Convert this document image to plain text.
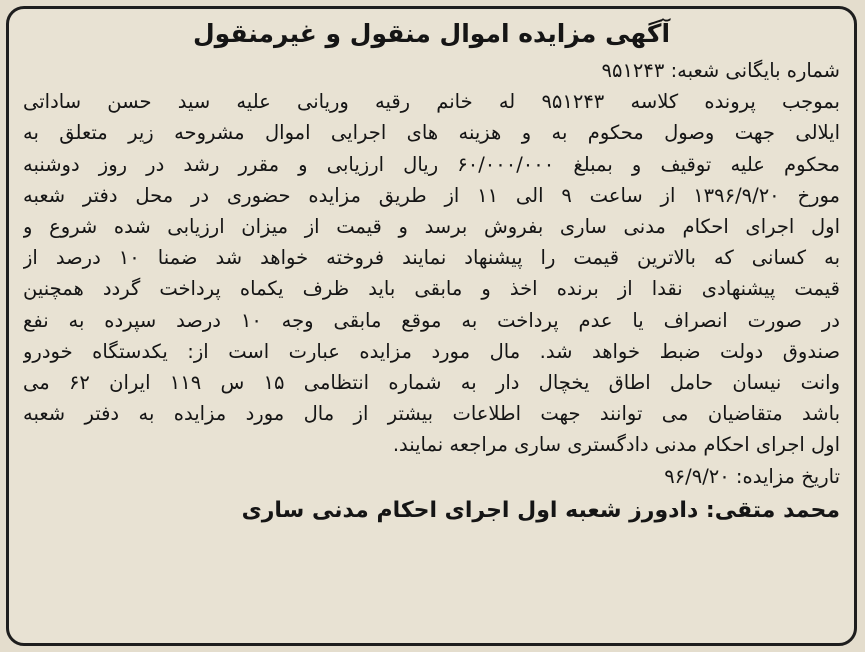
آگهی مزایده اموال منقول و غیرمنقول
شماره بایگانی شعبه: ۹۵۱۲۴۳
بموجب پرونده کلاسه ۹۵۱۲۴۳ له خانم رقیه وریانی علیه سید حسن ساداتی
ایلالی جهت وصول محکوم به و هزینه های اجرایی اموال مشروحه زیر متعلق به
محکوم علیه توقیف و بمبلغ ۶۰/۰۰۰/۰۰۰ ریال ارزیابی و مقرر رشد در روز دوشنبه
مورخ ۱۳۹۶/۹/۲۰ از ساعت ۹ الی ۱۱ از طریق مزایده حضوری در محل دفتر شعبه
اول اجرای احکام مدنی ساری بفروش برسد و قیمت از میزان ارزیابی شده شروع و
به کسانی که بالاترین قیمت را پیشنهاد نمایند فروخته خواهد شد ضمنا ۱۰ درصد از
قیمت پیشنهادی نقدا از برنده اخذ و مابقی باید ظرف یکماه پرداخت گردد همچنین
در صورت انصراف یا عدم پرداخت به موقع مابقی وجه ۱۰ درصد سپرده به نفع
صندوق دولت ضبط خواهد شد. مال مورد مزایده عبارت است از: یکدستگاه خودرو
وانت نیسان حامل اطاق یخچال دار به شماره انتظامی ۱۵ س ۱۱۹ ایران ۶۲ می
باشد متقاضیان می توانند جهت اطلاعات بیشتر از مال مورد مزایده به دفتر شعبه
اول اجرای احکام مدنی دادگستری ساری مراجعه نمایند.
تاریخ مزایده: ۹۶/۹/۲۰
محمد متقی: دادورز شعبه اول اجرای احکام مدنی ساری
